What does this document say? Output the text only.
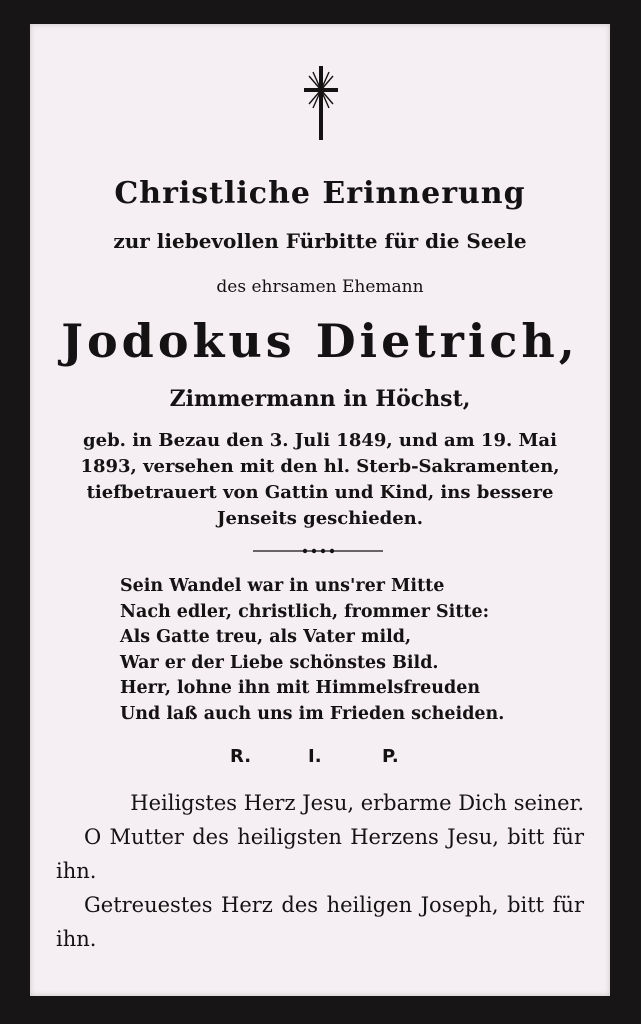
Christliche Erinnerung
zur liebevollen Fürbitte für die Seele
des ehrsamen Ehemann
Jodokus Dietrich,
Zimmermann in Höchst,
geb. in Bezau den 3. Juli 1849, und am 19. Mai
1893, versehen mit den hl. Sterb-Sakramenten,
tiefbetrauert von Gattin und Kind, ins bessere
Jenseits geschieden.
Sein Wandel war in uns'rer Mitte
Nach edler, christlich, frommer Sitte:
Als Gatte treu, als Vater mild,
War er der Liebe schönstes Bild.
Herr, lohne ihn mit Himmelsfreuden
Und laß auch uns im Frieden scheiden.
R.	I.	P.
Heiligstes Herz Jesu, erbarme Dich seiner.
O Mutter des heiligsten Herzens Jesu, bitt für ihn.
Getreuestes Herz des heiligen Joseph, bitt für ihn.
